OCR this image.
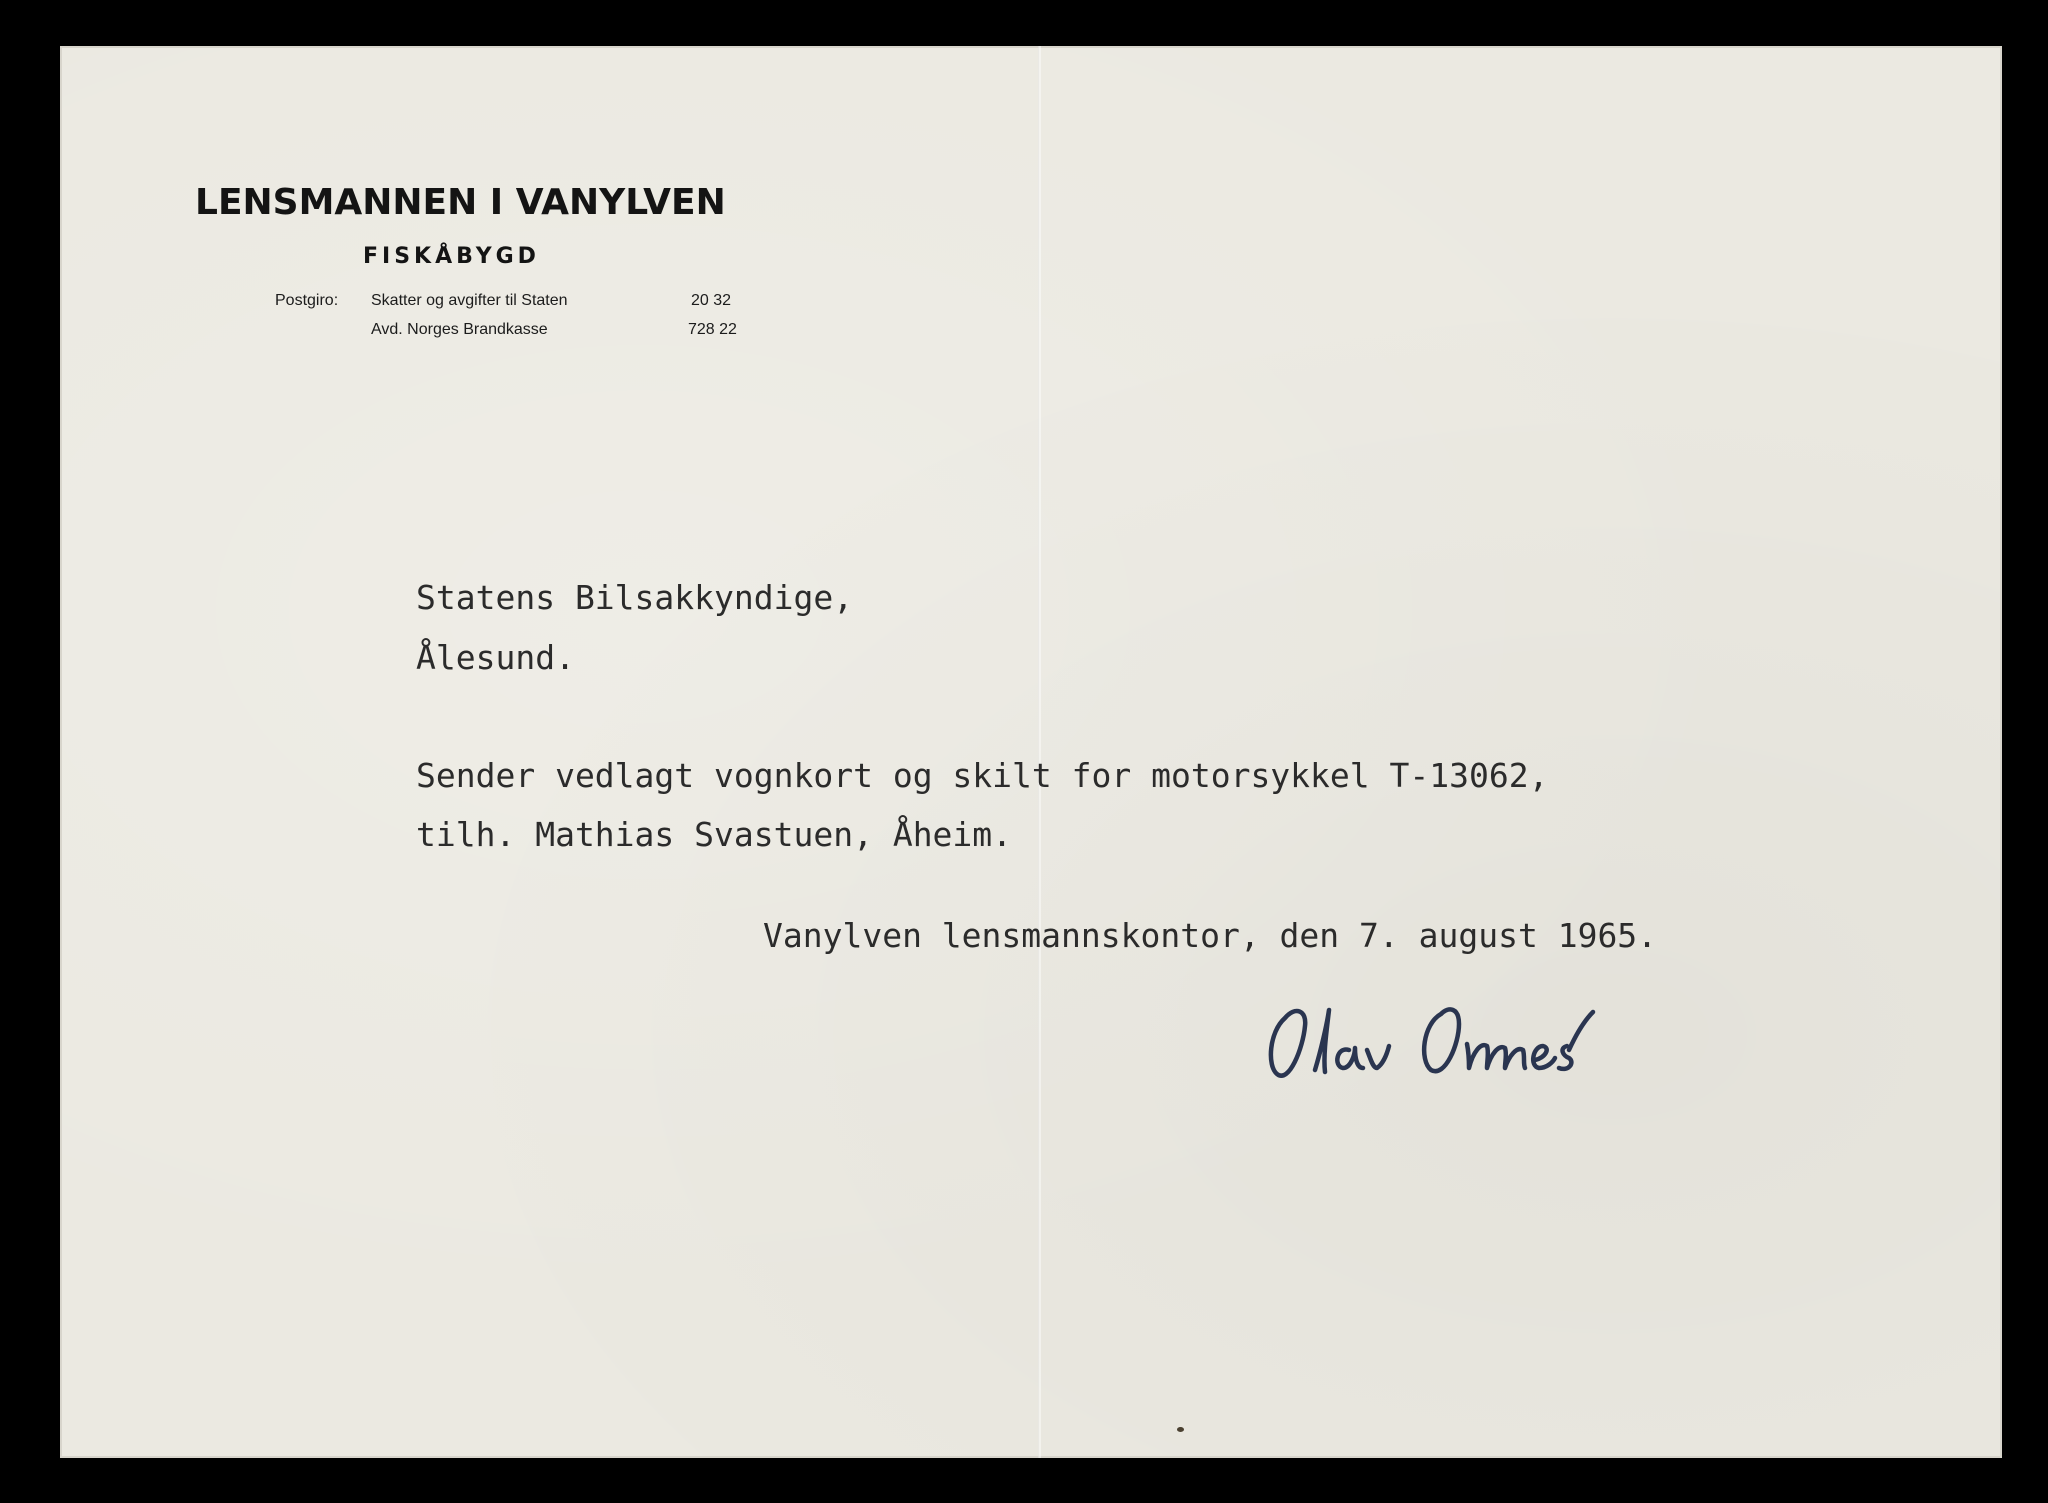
LENSMANNEN I VANYLVEN
FISKÅBYGD
Postgiro: Skatter og avgifter til Staten	20 32
Avd. Norges Brandkasse	728 22

Statens Bilsakkyndige,

Ålesund.

Sender vedlagt vognkort og skilt for motorsykkel T-13062,

tilh. Mathias Svastuen, Åheim.

Vanylven lensmannskontor, den 7. august 1965.
